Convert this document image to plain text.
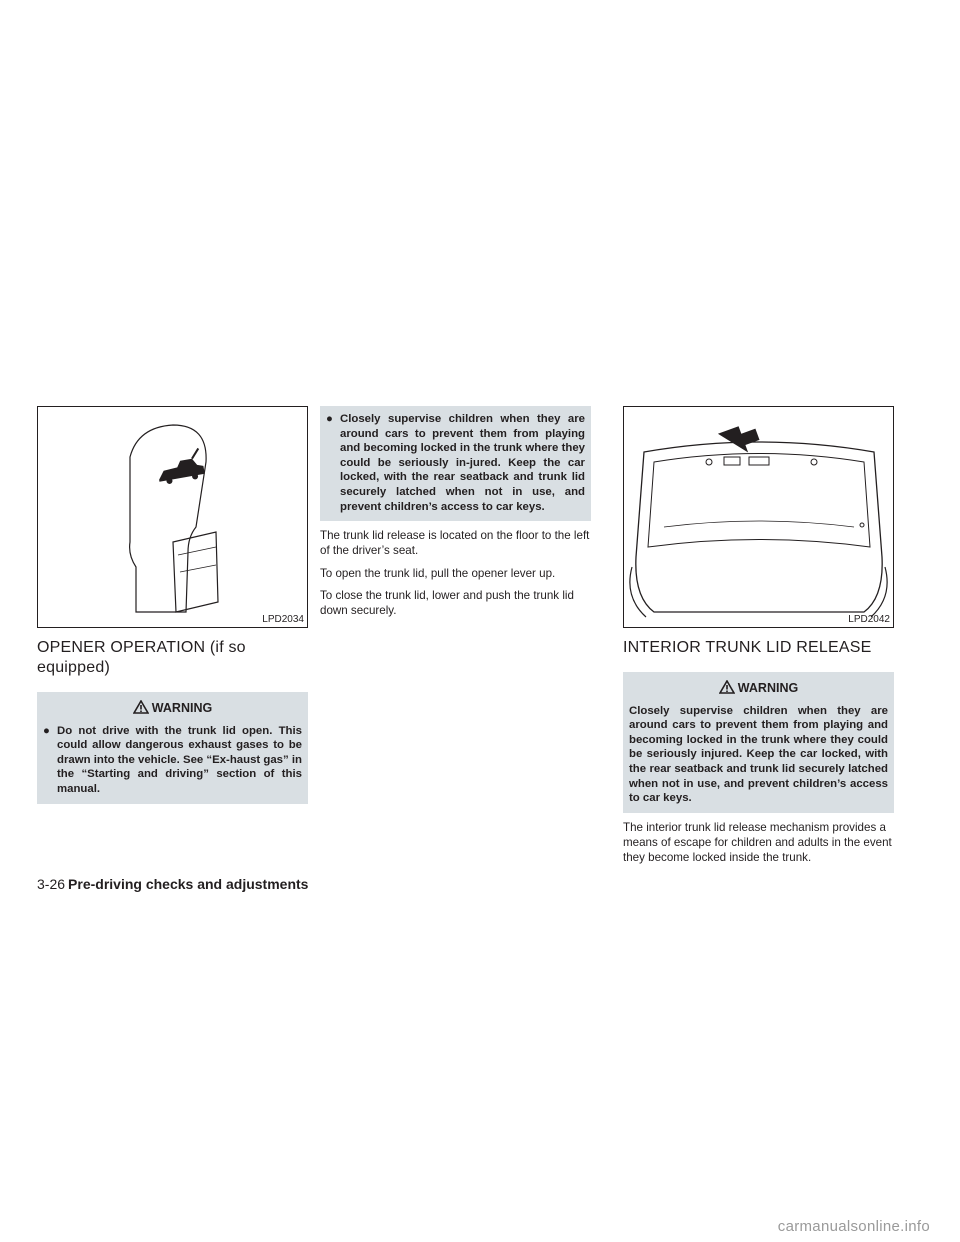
LPD2034
OPENER OPERATION (if so equipped)
WARNING
● Do not drive with the trunk lid open. This could allow dangerous exhaust gases to be drawn into the vehicle. See “Ex-haust gas” in the “Starting and driving” section of this manual.

● Closely supervise children when they are around cars to prevent them from playing and becoming locked in the trunk where they could be seriously in-jured. Keep the car locked, with the rear seatback and trunk lid securely latched when not in use, and prevent children’s access to car keys.

The trunk lid release is located on the floor to the left of the driver’s seat.

To open the trunk lid, pull the opener lever up.

To close the trunk lid, lower and push the trunk lid down securely.

LPD2042
INTERIOR TRUNK LID RELEASE
WARNING

Closely supervise children when they are around cars to prevent them from playing and becoming locked in the trunk where they could be seriously injured. Keep the car locked, with the rear seatback and trunk lid securely latched when not in use, and prevent children’s access to car keys.

The interior trunk lid release mechanism provides a means of escape for children and adults in the event they become locked inside the trunk.

3-26 Pre-driving checks and adjustments
carmanualsonline.info
